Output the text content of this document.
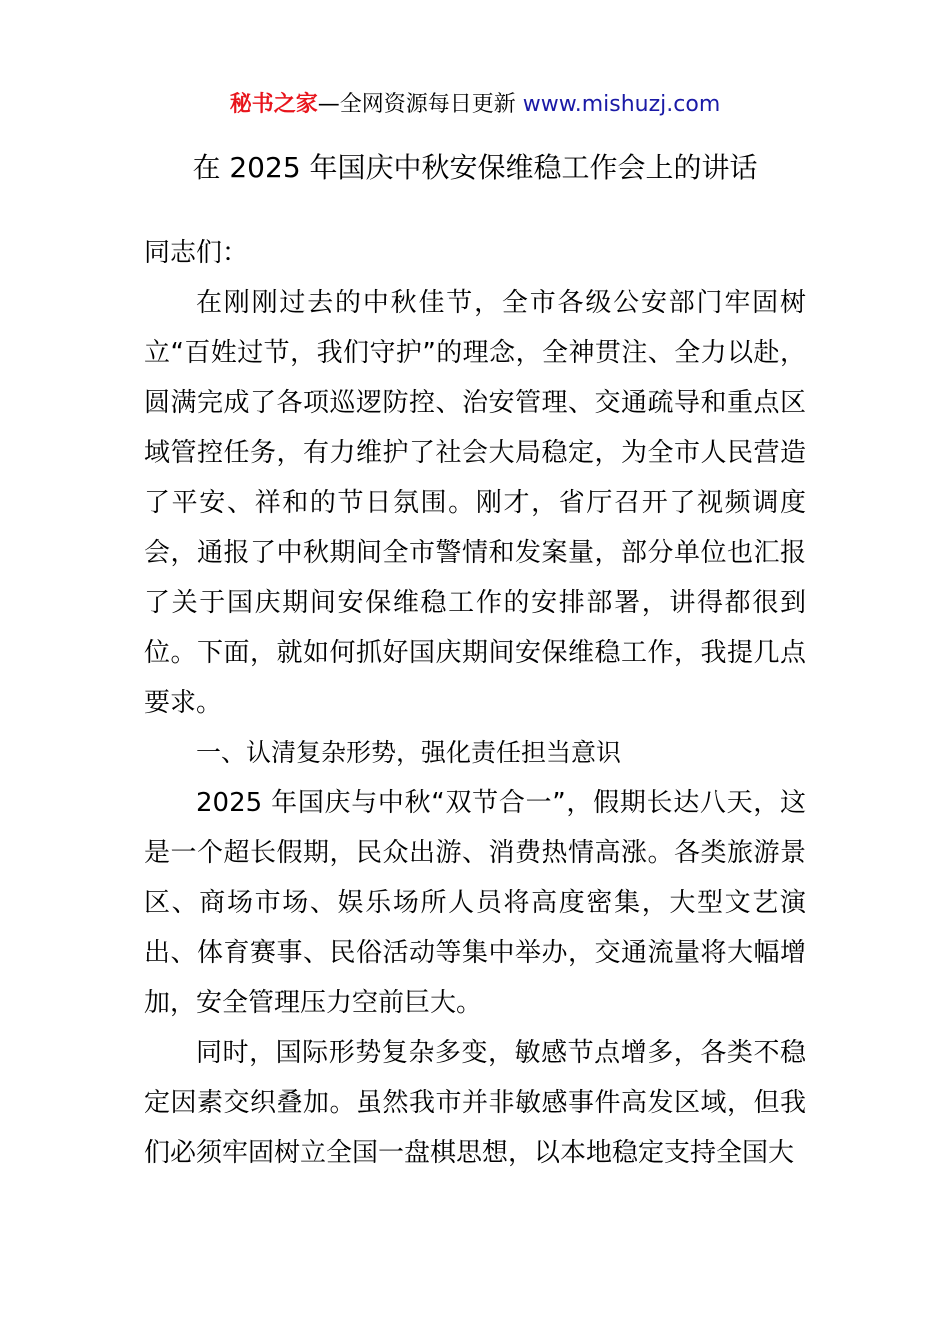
秘书之家—全网资源每日更新 www.mishuzj.com
在 2025 年国庆中秋安保维稳工作会上的讲话

同志们：

在刚刚过去的中秋佳节，全市各级公安部门牢固树立“百姓过节，我们守护”的理念，全神贯注、全力以赴，圆满完成了各项巡逻防控、治安管理、交通疏导和重点区域管控任务，有力维护了社会大局稳定，为全市人民营造了平安、祥和的节日氛围。刚才，省厅召开了视频调度会，通报了中秋期间全市警情和发案量，部分单位也汇报了关于国庆期间安保维稳工作的安排部署，讲得都很到位。下面，就如何抓好国庆期间安保维稳工作，我提几点要求。

一、认清复杂形势，强化责任担当意识

2025 年国庆与中秋“双节合一”，假期长达八天，这是一个超长假期，民众出游、消费热情高涨。各类旅游景区、商场市场、娱乐场所人员将高度密集，大型文艺演出、体育赛事、民俗活动等集中举办，交通流量将大幅增加，安全管理压力空前巨大。

同时，国际形势复杂多变，敏感节点增多，各类不稳定因素交织叠加。虽然我市并非敏感事件高发区域，但我们必须牢固树立全国一盘棋思想，以本地稳定支持全国大
